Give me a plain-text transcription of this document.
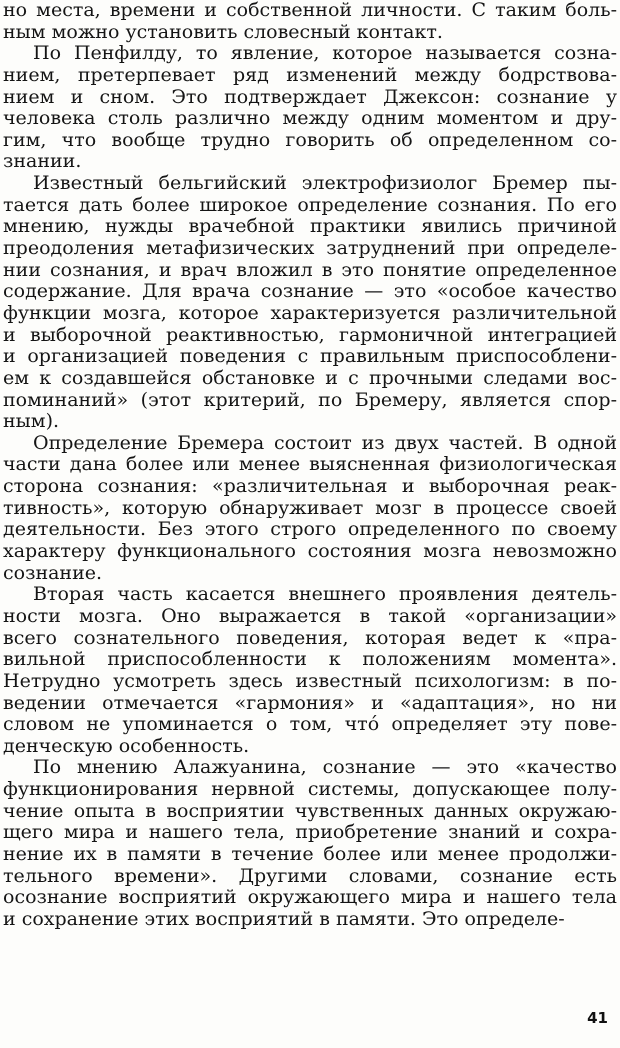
но места, времени и собственной личности. С таким боль-
ным можно установить словесный контакт.
По Пенфилду, то явление, которое называется созна-
нием, претерпевает ряд изменений между бодрствова-
нием и сном. Это подтверждает Джексон: сознание у
человека столь различно между одним моментом и дру-
гим, что вообще трудно говорить об определенном со-
знании.
Известный бельгийский электрофизиолог Бремер пы-
тается дать более широкое определение сознания. По его
мнению, нужды врачебной практики явились причиной
преодоления метафизических затруднений при определе-
нии сознания, и врач вложил в это понятие определенное
содержание. Для врача сознание — это «особое качество
функции мозга, которое характеризуется различительной
и выборочной реактивностью, гармоничной интеграцией
и организацией поведения с правильным приспособлени-
ем к создавшейся обстановке и с прочными следами вос-
поминаний» (этот критерий, по Бремеру, является спор-
ным).
Определение Бремера состоит из двух частей. В одной
части дана более или менее выясненная физиологическая
сторона сознания: «различительная и выборочная реак-
тивность», которую обнаруживает мозг в процессе своей
деятельности. Без этого строго определенного по своему
характеру функционального состояния мозга невозможно
сознание.
Вторая часть касается внешнего проявления деятель-
ности мозга. Оно выражается в такой «организации»
всего сознательного поведения, которая ведет к «пра-
вильной приспособленности к положениям момента».
Нетрудно усмотреть здесь известный психологизм: в по-
ведении отмечается «гармония» и «адаптация», но ни
словом не упоминается о том, что́ определяет эту пове-
денческую особенность.
По мнению Алажуанина, сознание — это «качество
функционирования нервной системы, допускающее полу-
чение опыта в восприятии чувственных данных окружаю-
щего мира и нашего тела, приобретение знаний и сохра-
нение их в памяти в течение более или менее продолжи-
тельного времени». Другими словами, сознание есть
осознание восприятий окружающего мира и нашего тела
и сохранение этих восприятий в памяти. Это определе-
41
